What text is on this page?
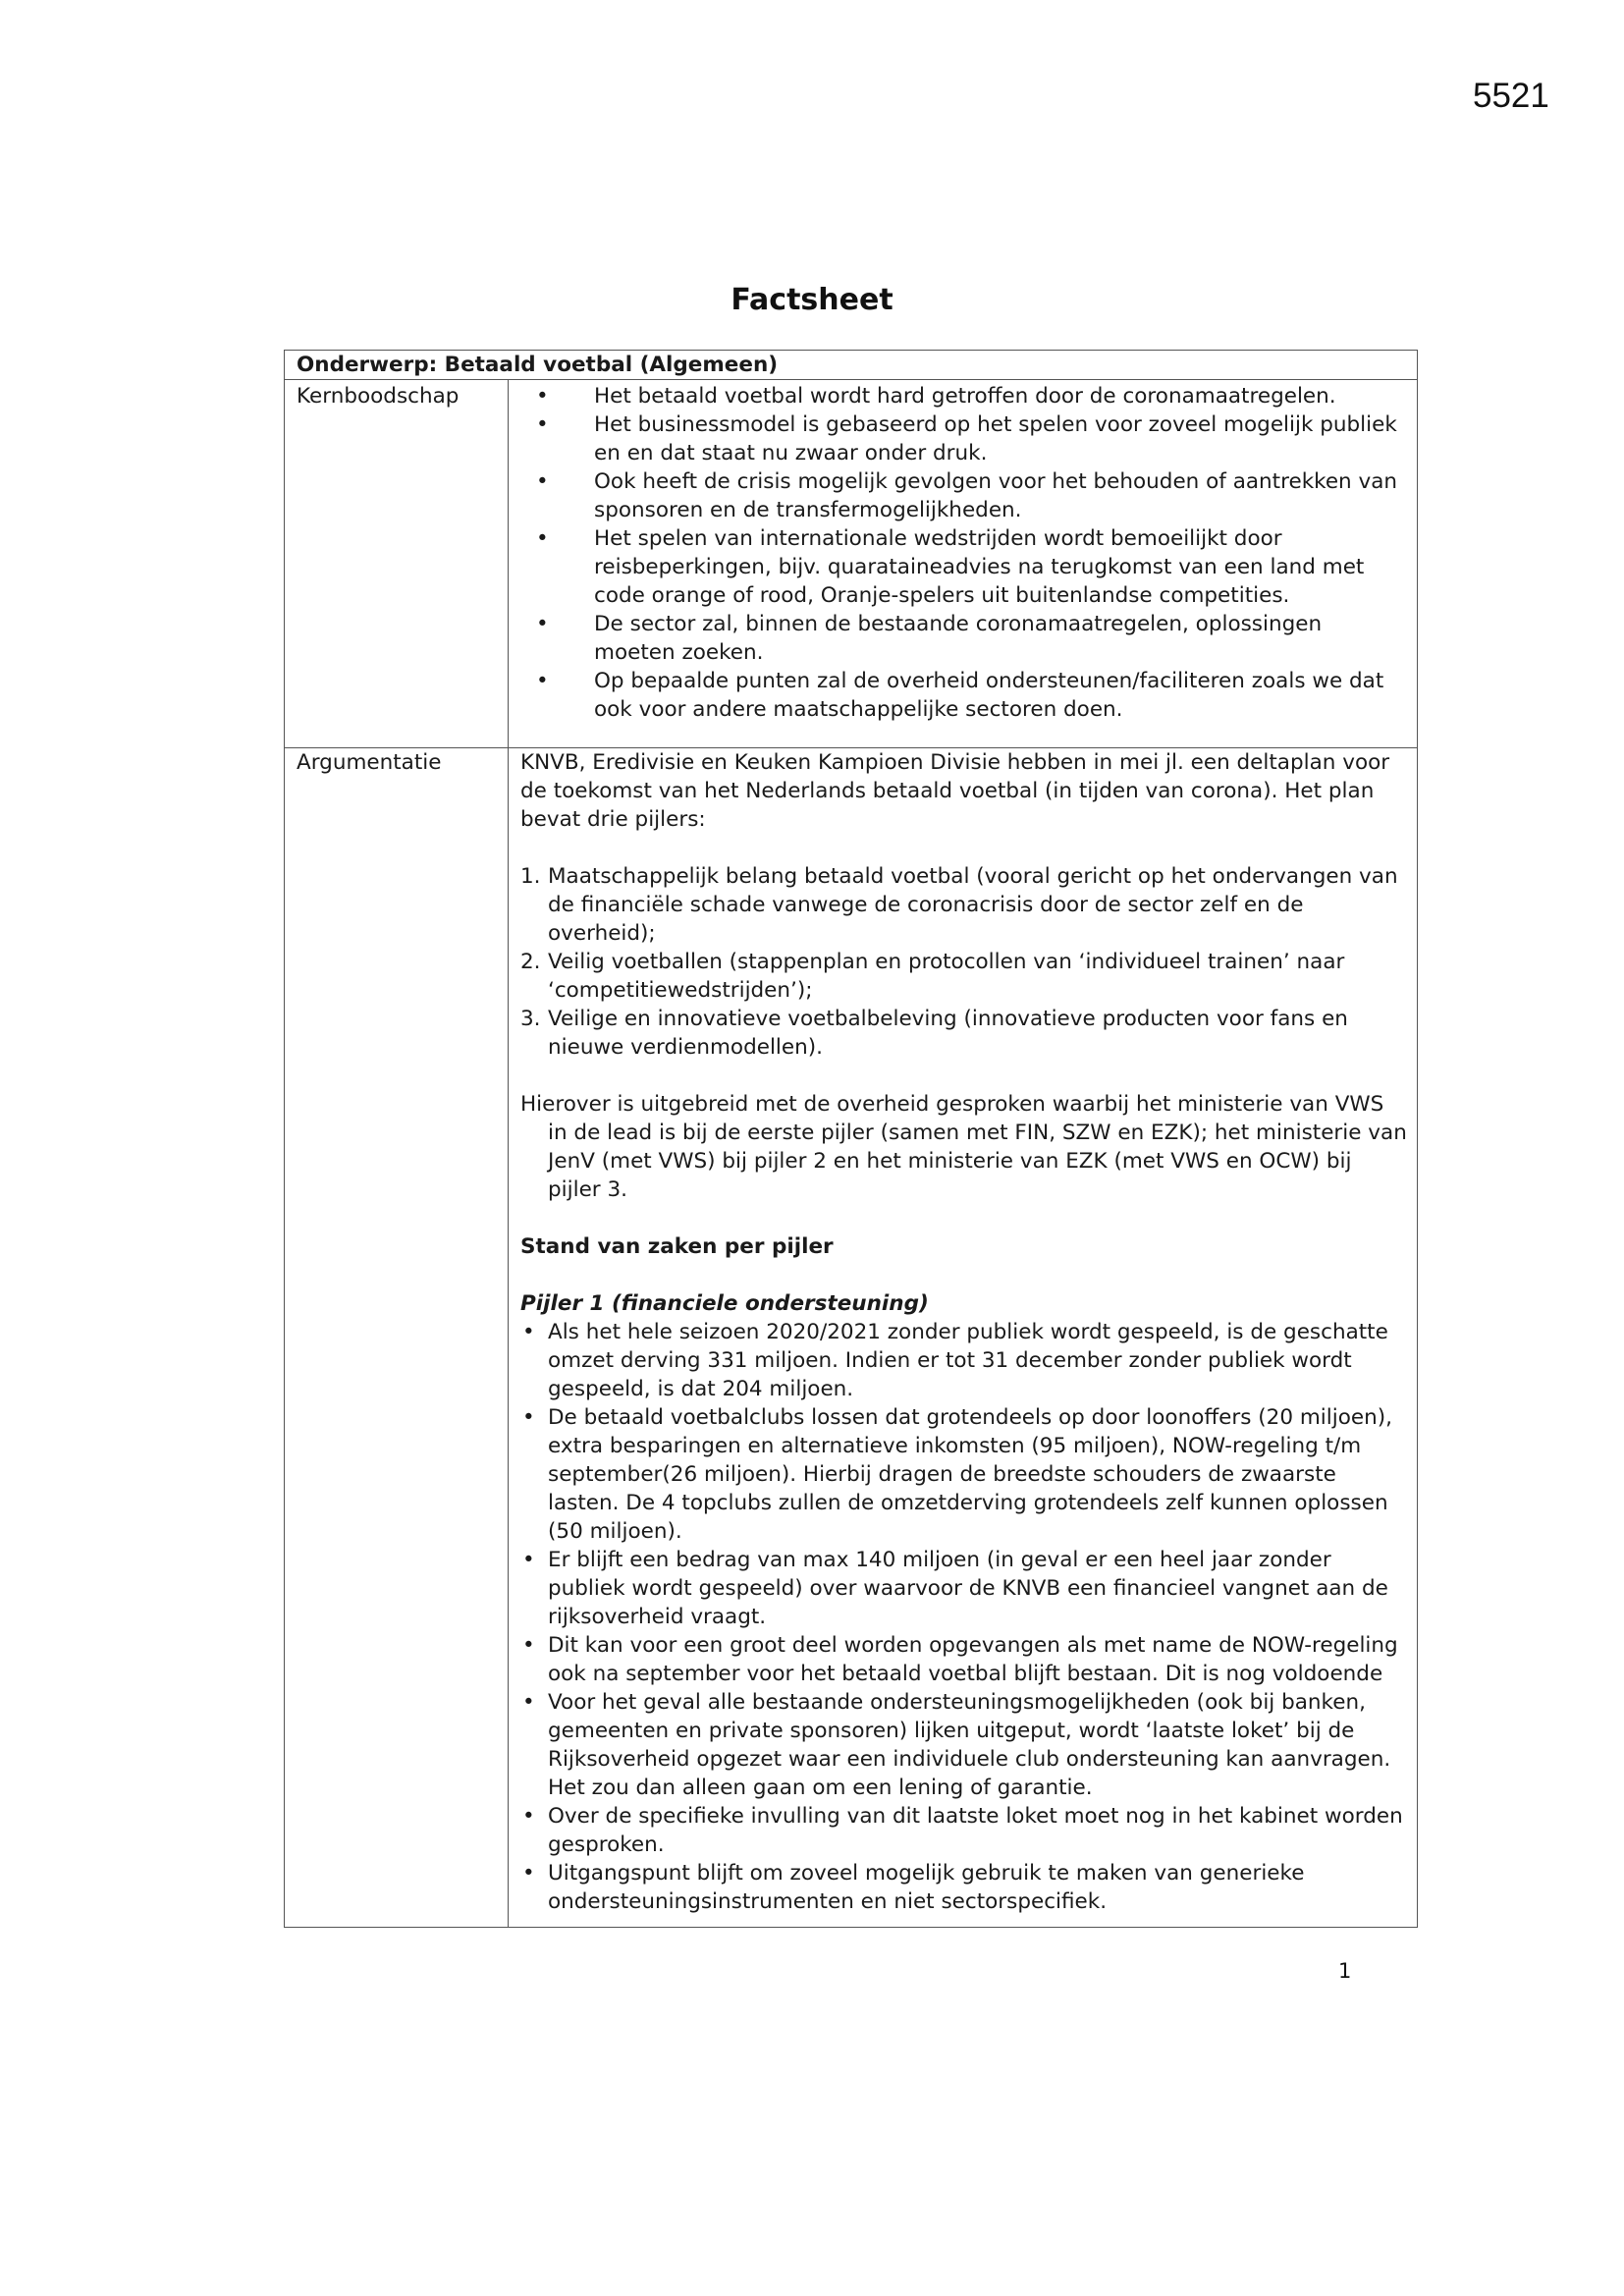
5521
Factsheet
Onderwerp: Betaald voetbal (Algemeen)
Kernboodschap	• Het betaald voetbal wordt hard getroffen door de coronamaatregelen.
• Het businessmodel is gebaseerd op het spelen voor zoveel mogelijk publiek en en dat staat nu zwaar onder druk.
• Ook heeft de crisis mogelijk gevolgen voor het behouden of aantrekken van sponsoren en de transfermogelijkheden.
• Het spelen van internationale wedstrijden wordt bemoeilijkt door reisbeperkingen, bijv. quarataineadvies na terugkomst van een land met code orange of rood, Oranje-spelers uit buitenlandse competities.
• De sector zal, binnen de bestaande coronamaatregelen, oplossingen moeten zoeken.
• Op bepaalde punten zal de overheid ondersteunen/faciliteren zoals we dat ook voor andere maatschappelijke sectoren doen.
Argumentatie	KNVB, Eredivisie en Keuken Kampioen Divisie hebben in mei jl. een deltaplan voor de toekomst van het Nederlands betaald voetbal (in tijden van corona). Het plan bevat drie pijlers:

1. Maatschappelijk belang betaald voetbal (vooral gericht op het ondervangen van de financiële schade vanwege de coronacrisis door de sector zelf en de overheid);
2. Veilig voetballen (stappenplan en protocollen van ‘individueel trainen’ naar ‘competitiewedstrijden’);
3. Veilige en innovatieve voetbalbeleving (innovatieve producten voor fans en nieuwe verdienmodellen).

Hierover is uitgebreid met de overheid gesproken waarbij het ministerie van VWS in de lead is bij de eerste pijler (samen met FIN, SZW en EZK); het ministerie van JenV (met VWS) bij pijler 2 en het ministerie van EZK (met VWS en OCW) bij pijler 3.

Stand van zaken per pijler

Pijler 1 (financiele ondersteuning)

• Als het hele seizoen 2020/2021 zonder publiek wordt gespeeld, is de geschatte omzet derving 331 miljoen. Indien er tot 31 december zonder publiek wordt gespeeld, is dat 204 miljoen.
• De betaald voetbalclubs lossen dat grotendeels op door loonoffers (20 miljoen), extra besparingen en alternatieve inkomsten (95 miljoen), NOW-regeling t/m september(26 miljoen). Hierbij dragen de breedste schouders de zwaarste lasten. De 4 topclubs zullen de omzetderving grotendeels zelf kunnen oplossen (50 miljoen).
• Er blijft een bedrag van max 140 miljoen (in geval er een heel jaar zonder publiek wordt gespeeld) over waarvoor de KNVB een financieel vangnet aan de rijksoverheid vraagt.
• Dit kan voor een groot deel worden opgevangen als met name de NOW-regeling ook na september voor het betaald voetbal blijft bestaan. Dit is nog voldoende
• Voor het geval alle bestaande ondersteuningsmogelijkheden (ook bij banken, gemeenten en private sponsoren) lijken uitgeput, wordt ‘laatste loket’ bij de Rijksoverheid opgezet waar een individuele club ondersteuning kan aanvragen. Het zou dan alleen gaan om een lening of garantie.
• Over de specifieke invulling van dit laatste loket moet nog in het kabinet worden gesproken.
• Uitgangspunt blijft om zoveel mogelijk gebruik te maken van generieke ondersteuningsinstrumenten en niet sectorspecifiek.
1
